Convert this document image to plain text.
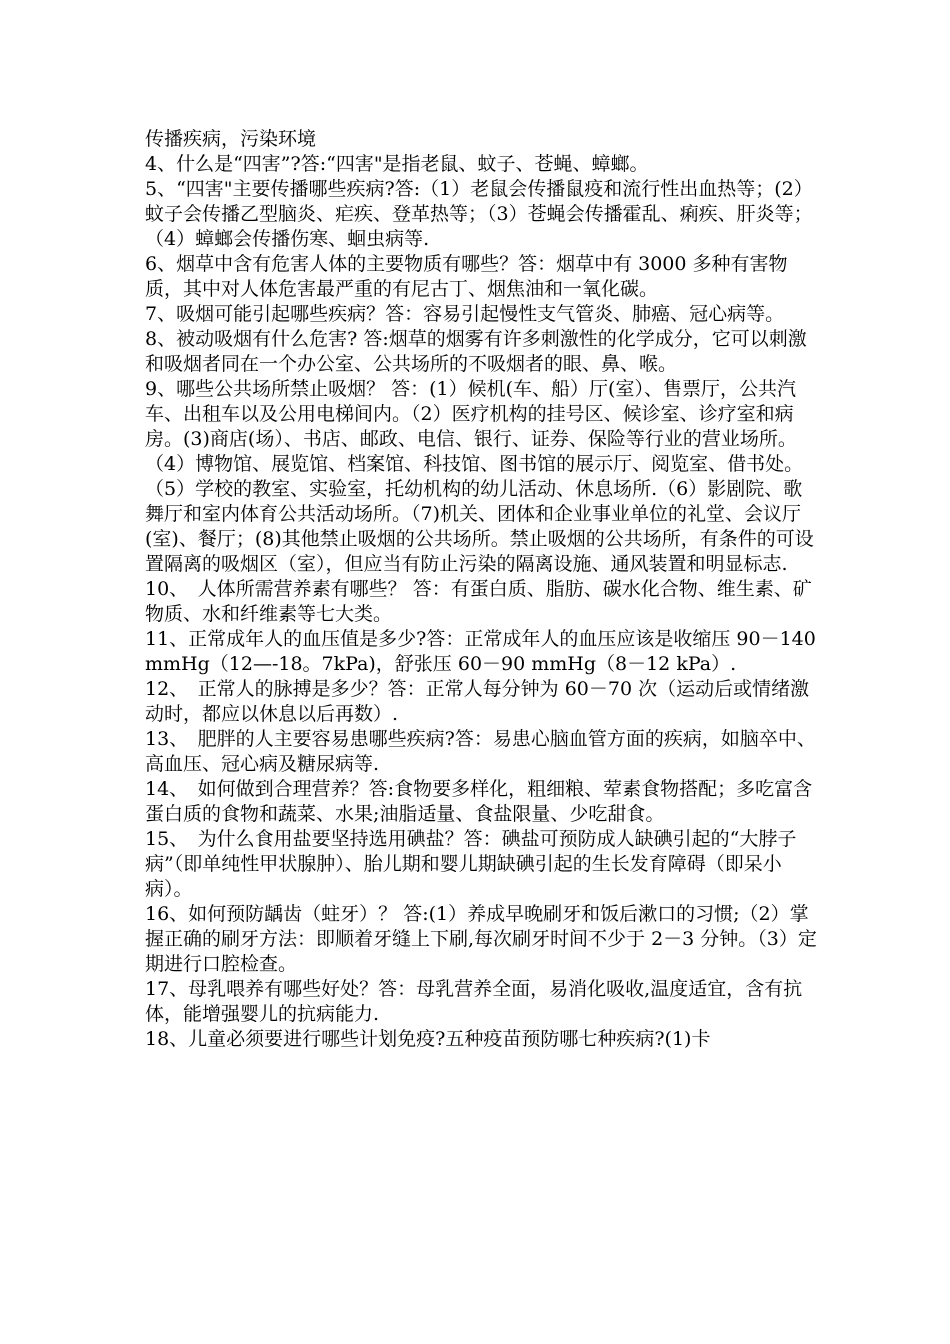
传播疾病，污染环境

4、什么是“四害”?答:“四害"是指老鼠、蚊子、苍蝇、蟑螂。

5、“四害"主要传播哪些疾病?答:（1）老鼠会传播鼠疫和流行性出血热等；(2）蚊子会传播乙型脑炎、疟疾、登革热等；（3）苍蝇会传播霍乱、痢疾、肝炎等；（4）蟑螂会传播伤寒、蛔虫病等.

6、烟草中含有危害人体的主要物质有哪些？答：烟草中有 3000 多种有害物质，其中对人体危害最严重的有尼古丁、烟焦油和一氧化碳。

7、吸烟可能引起哪些疾病？答：容易引起慢性支气管炎、肺癌、冠心病等。

8、被动吸烟有什么危害? 答:烟草的烟雾有许多刺激性的化学成分，它可以刺激和吸烟者同在一个办公室、公共场所的不吸烟者的眼、鼻、喉。

9、哪些公共场所禁止吸烟？ 答：(1）候机(车、船）厅(室）、售票厅，公共汽车、出租车以及公用电梯间内。（2）医疗机构的挂号区、候诊室、诊疗室和病房。(3)商店(场）、书店、邮政、电信、银行、证券、保险等行业的营业场所。（4）博物馆、展览馆、档案馆、科技馆、图书馆的展示厅、阅览室、借书处。（5）学校的教室、实验室，托幼机构的幼儿活动、休息场所.（6）影剧院、歌舞厅和室内体育公共活动场所。（7)机关、团体和企业事业单位的礼堂、会议厅(室)、餐厅；(8)其他禁止吸烟的公共场所。禁止吸烟的公共场所，有条件的可设置隔离的吸烟区（室），但应当有防止污染的隔离设施、通风装置和明显标志.

10、　人体所需营养素有哪些？ 答：有蛋白质、脂肪、碳水化合物、维生素、矿物质、水和纤维素等七大类。

11、正常成年人的血压值是多少?答：正常成年人的血压应该是收缩压 90－140mmHg（12—-18。7kPa)，舒张压 60－90 mmHg（8－12 kPa）.

12、　正常人的脉搏是多少？答：正常人每分钟为 60－70 次（运动后或情绪激动时，都应以休息以后再数）.

13、　肥胖的人主要容易患哪些疾病?答：易患心脑血管方面的疾病，如脑卒中、高血压、冠心病及糖尿病等.

14、　如何做到合理营养？答:食物要多样化，粗细粮、荤素食物搭配；多吃富含蛋白质的食物和蔬菜、水果;油脂适量、食盐限量、少吃甜食。

15、　为什么食用盐要坚持选用碘盐？答：碘盐可预防成人缺碘引起的“大脖子病”（即单纯性甲状腺肿）、胎儿期和婴儿期缺碘引起的生长发育障碍（即呆小病）。

16、如何预防龋齿（蛀牙）？ 答:(1）养成早晚刷牙和饭后漱口的习惯;（2）掌握正确的刷牙方法：即顺着牙缝上下刷,每次刷牙时间不少于 2－3 分钟。（3）定期进行口腔检查。

17、母乳喂养有哪些好处？答：母乳营养全面，易消化吸收,温度适宜，含有抗体，能增强婴儿的抗病能力.

18、儿童必须要进行哪些计划免疫?五种疫苗预防哪七种疾病?(1)卡
